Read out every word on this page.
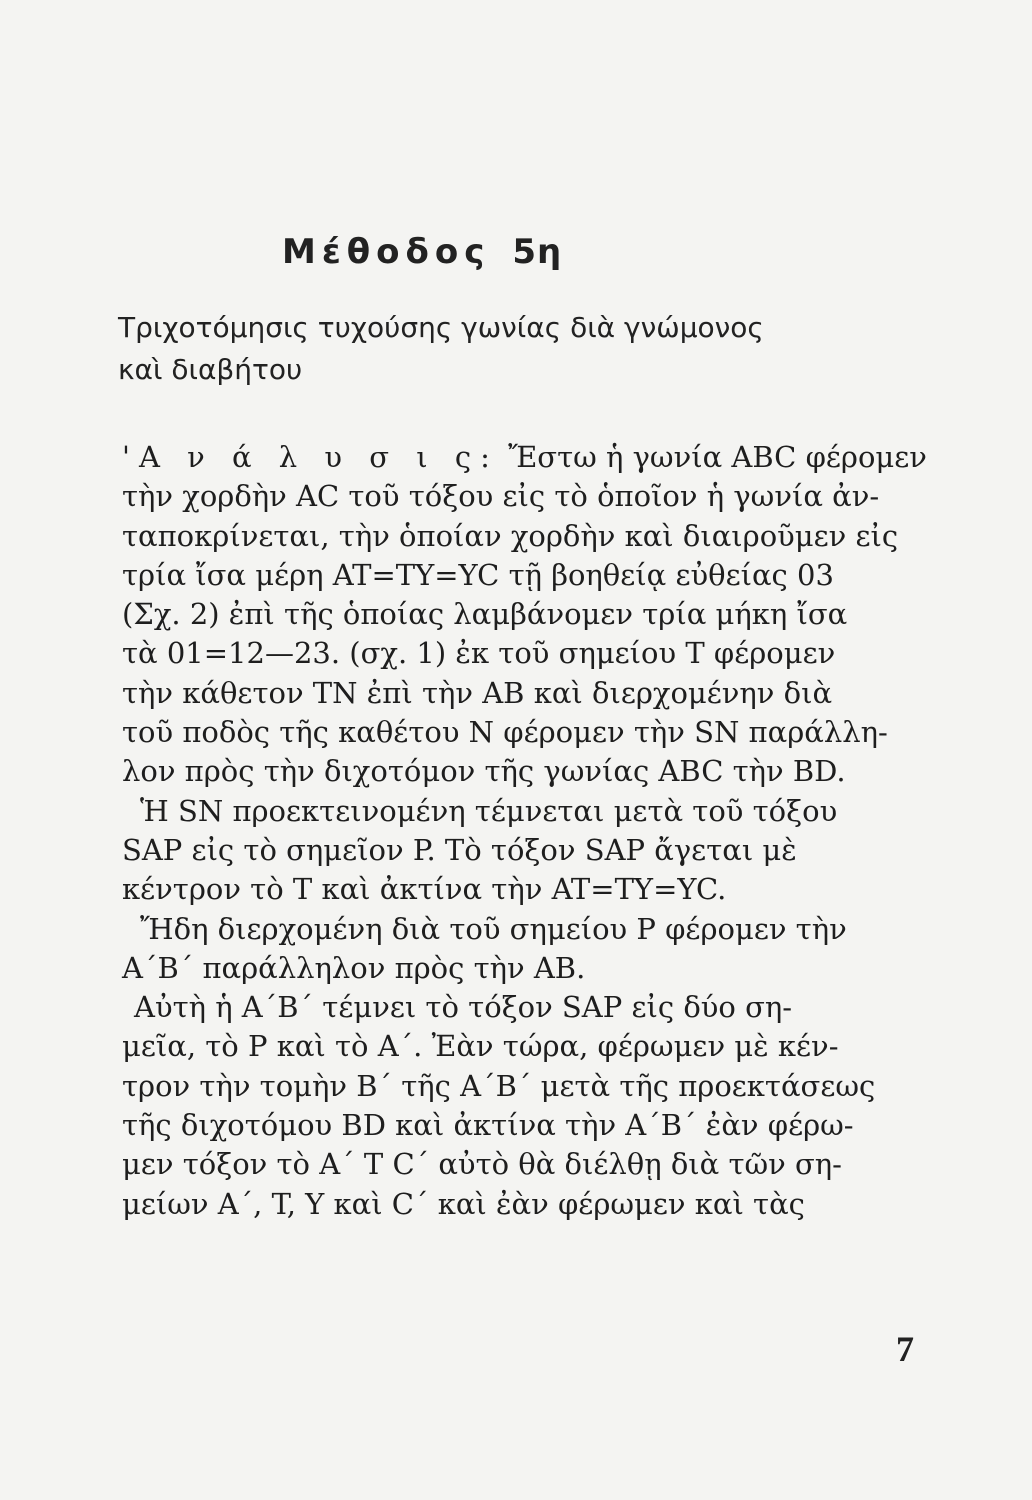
Μέθοδος 5η
Τριχοτόμησις τυχούσης γωνίας διὰ γνώμονος
καὶ διαβήτου
'Α ν ά λ υ σ ι ς: Ἔστω ἡ γωνία ABC φέρομεν
τὴν χορδὴν AC τοῦ τόξου εἰς τὸ ὁποῖον ἡ γωνία ἀν-
ταποκρίνεται, τὴν ὁποίαν χορδὴν καὶ διαιροῦμεν εἰς
τρία ἴσα μέρη AT=TY=YC τῇ βοηθείᾳ εὐθείας 03
(Σχ. 2) ἐπὶ τῆς ὁποίας λαμβάνομεν τρία μήκη ἴσα
τὰ 01=12—23. (σχ. 1) ἐκ τοῦ σημείου T φέρομεν
τὴν κάθετον TN ἐπὶ τὴν AB καὶ διερχομένην διὰ
τοῦ ποδὸς τῆς καθέτου N φέρομεν τὴν SN παράλλη-
λον πρὸς τὴν διχοτόμον τῆς γωνίας ABC τὴν BD.
Ἡ SN προεκτεινομένη τέμνεται μετὰ τοῦ τόξου
SAP εἰς τὸ σημεῖον P. Τὸ τόξον SAP ἄγεται μὲ
κέντρον τὸ T καὶ ἀκτίνα τὴν AT=TY=YC.
Ἤδη διερχομένη διὰ τοῦ σημείου P φέρομεν τὴν
A΄B΄ παράλληλον πρὸς τὴν AB.
Αὐτὴ ἡ A΄B΄ τέμνει τὸ τόξον SAP εἰς δύο ση-
μεῖα, τὸ P καὶ τὸ A΄. Ἐὰν τώρα, φέρωμεν μὲ κέν-
τρον τὴν τομὴν B΄ τῆς A΄B΄ μετὰ τῆς προεκτάσεως
τῆς διχοτόμου BD καὶ ἀκτίνα τὴν A΄B΄ ἐὰν φέρω-
μεν τόξον τὸ A΄ T C΄ αὐτὸ θὰ διέλθῃ διὰ τῶν ση-
μείων A΄, T, Y καὶ C΄ καὶ ἐὰν φέρωμεν καὶ τὰς
7
